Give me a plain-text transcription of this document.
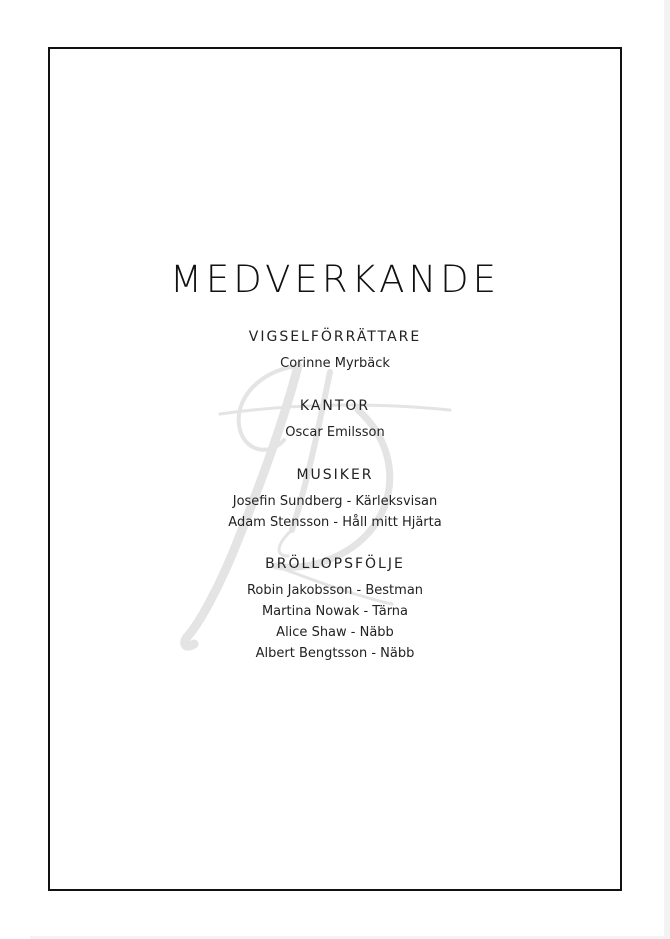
MEDVERKANDE
VIGSELFÖRRÄTTARE
Corinne Myrbäck
KANTOR
Oscar Emilsson
MUSIKER
Josefin Sundberg - Kärleksvisan
Adam Stensson - Håll mitt Hjärta
BRÖLLOPSFÖLJE
Robin Jakobsson - Bestman
Martina Nowak - Tärna
Alice Shaw - Näbb
Albert Bengtsson - Näbb
